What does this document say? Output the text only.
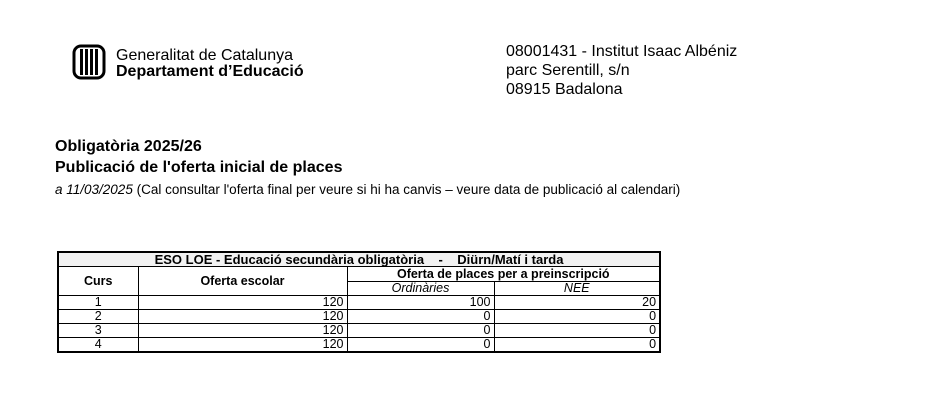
Generalitat de Catalunya
Departament d’Educació
08001431 - Institut Isaac Albéniz
parc Serentill, s/n
08915 Badalona
Obligatòria 2025/26
Publicació de l'oferta inicial de places
a 11/03/2025 (Cal consultar l'oferta final per veure si hi ha canvis – veure data de publicació al calendari)
ESO LOE - Educació secundària obligatòria    -    Diürn/Matí i tarda			
Curs	Oferta escolar	Oferta de places per a preinscripció	
		Ordinàries	NEE
1	120	100	20
2	120	0	0
3	120	0	0
4	120	0	0
